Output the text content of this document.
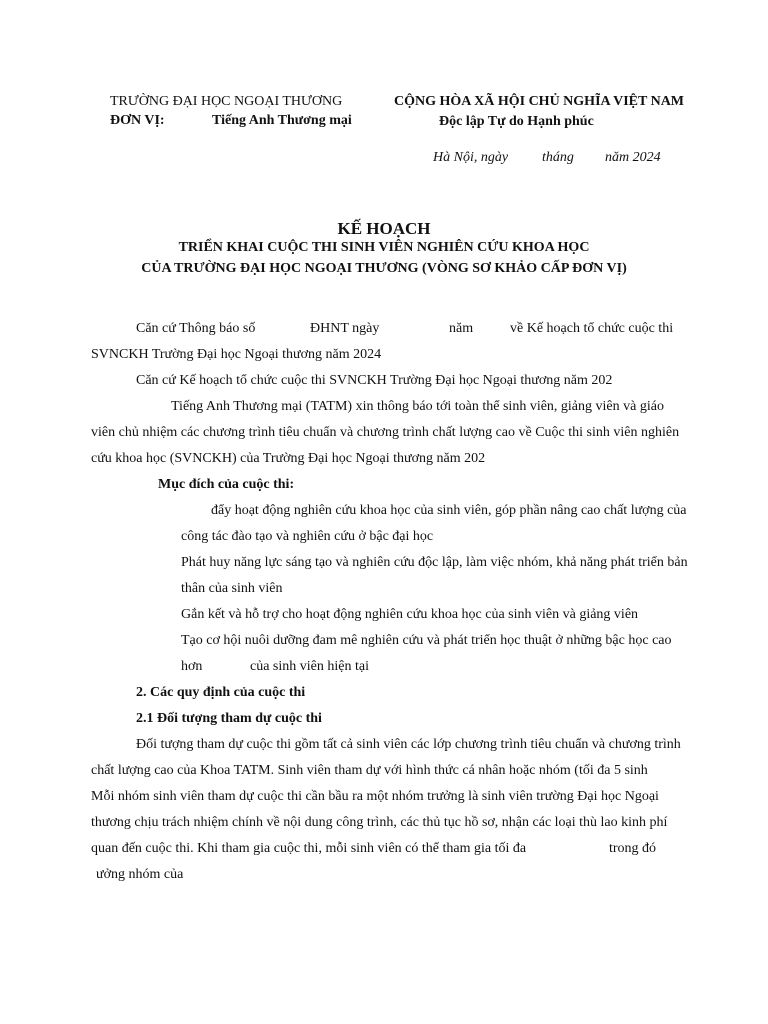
TRƯỜNG ĐẠI HỌC NGOẠI THƯƠNG
ĐƠN VỊ:	Tiếng Anh Thương mại
CỘNG HÒA XÃ HỘI CHỦ NGHĨA VIỆT NAM
Độc lập Tự do Hạnh phúc
Hà Nội, ngày tháng năm 2024
KẾ HOẠCH
TRIỂN KHAI CUỘC THI SINH VIÊN NGHIÊN CỨU KHOA HỌC
CỦA TRƯỜNG ĐẠI HỌC NGOẠI THƯƠNG (VÒNG SƠ KHẢO CẤP ĐƠN VỊ)
Căn cứ Thông báo số	ĐHNT ngày	năm	về Kế hoạch tổ chức cuộc thi
SVNCKH Trường Đại học Ngoại thương năm 2024
Căn cứ Kế hoạch tổ chức cuộc thi SVNCKH Trường Đại học Ngoại thương năm 202
Tiếng Anh Thương mại (TATM) xin thông báo tới toàn thể sinh viên, giảng viên và giáo
viên chủ nhiệm các chương trình tiêu chuẩn và chương trình chất lượng cao về Cuộc thi sinh viên nghiên
cứu khoa học (SVNCKH) của Trường Đại học Ngoại thương năm 202
Mục đích của cuộc thi:
đẩy hoạt động nghiên cứu khoa học của sinh viên, góp phần nâng cao chất lượng của
công tác đào tạo và nghiên cứu ở bậc đại học
Phát huy năng lực sáng tạo và nghiên cứu độc lập, làm việc nhóm, khả năng phát triển bản
thân của sinh viên
Gắn kết và hỗ trợ cho hoạt động nghiên cứu khoa học của sinh viên và giảng viên
Tạo cơ hội nuôi dưỡng đam mê nghiên cứu và phát triển học thuật ở những bậc học cao
hơn	của sinh viên hiện tại
2. Các quy định của cuộc thi
2.1 Đối tượng tham dự cuộc thi
Đối tượng tham dự cuộc thi gồm tất cả sinh viên các lớp chương trình tiêu chuẩn và chương trình
chất lượng cao của Khoa TATM. Sinh viên tham dự với hình thức cá nhân hoặc nhóm (tối đa 5 sinh
Mỗi nhóm sinh viên tham dự cuộc thi cần bầu ra một nhóm trưởng là sinh viên trường Đại học Ngoại
thương chịu trách nhiệm chính về nội dung công trình, các thủ tục hồ sơ, nhận các loại thù lao kinh phí
quan đến cuộc thi. Khi tham gia cuộc thi, mỗi sinh viên có thể tham gia tối đa	trong đó
ưởng nhóm của
